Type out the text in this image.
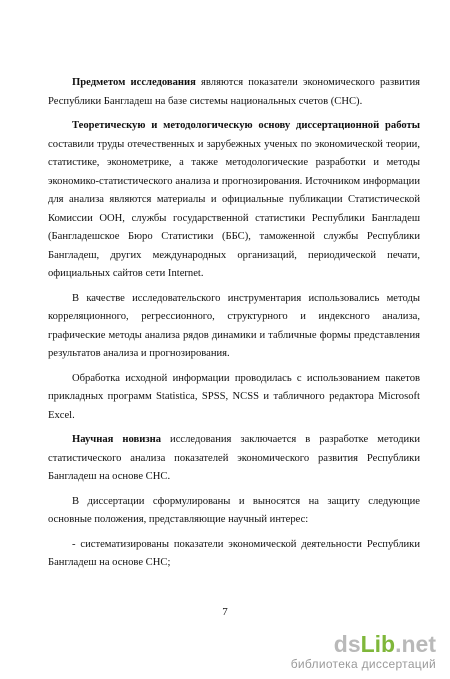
Предметом исследования являются показатели экономического развития Республики Бангладеш на базе системы национальных счетов (СНС).

Теоретическую и методологическую основу диссертационной работы составили труды отечественных и зарубежных ученых по экономической теории, статистике, эконометрике, а также методологические разработки и методы экономико-статистического анализа и прогнозирования. Источником информации для анализа являются материалы и официальные публикации Статистической Комиссии ООН, службы государственной статистики Республики Бангладеш (Бангладешское Бюро Статистики (ББС), таможенной службы Республики Бангладеш, других международных организаций, периодической печати, официальных сайтов сети Internet.

В качестве исследовательского инструментария использовались методы корреляционного, регрессионного, структурного и индексного анализа, графические методы анализа рядов динамики и табличные формы представления результатов анализа и прогнозирования.

Обработка исходной информации проводилась с использованием пакетов прикладных программ Statistica, SPSS, NCSS и табличного редактора Microsoft Excel.

Научная новизна исследования заключается в разработке методики статистического анализа показателей экономического развития Республики Бангладеш на основе СНС.

В диссертации сформулированы и выносятся на защиту следующие основные положения, представляющие научный интерес:

- систематизированы показатели экономической деятельности Республики Бангладеш на основе СНС;

7
dsLib.net
библиотека диссертаций
